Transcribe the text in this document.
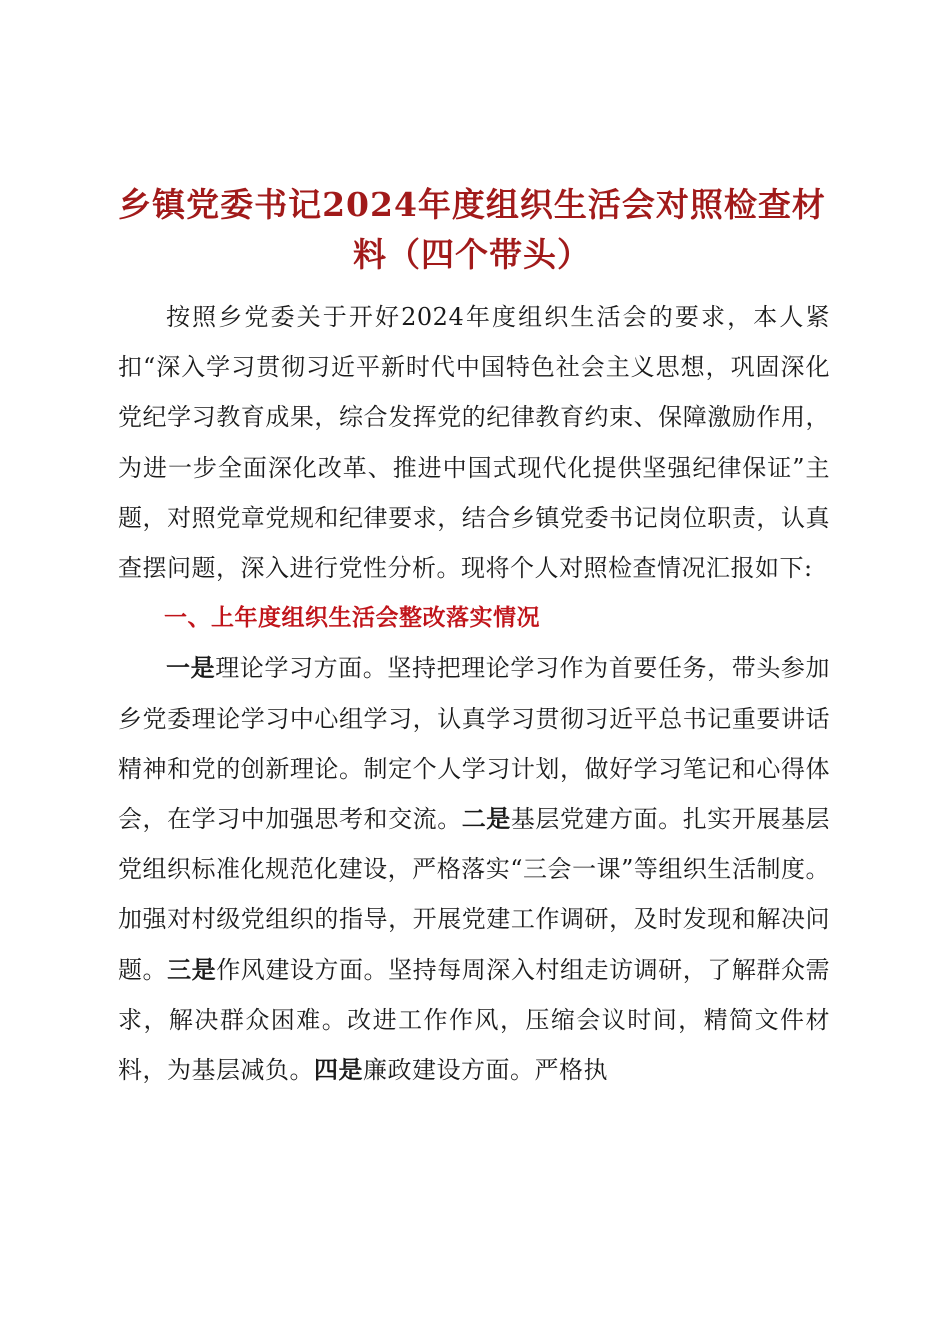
乡镇党委书记2024年度组织生活会对照检查材
料（四个带头）

按照乡党委关于开好2024年度组织生活会的要求，本人紧扣“深入学习贯彻习近平新时代中国特色社会主义思想，巩固深化党纪学习教育成果，综合发挥党的纪律教育约束、保障激励作用，为进一步全面深化改革、推进中国式现代化提供坚强纪律保证”主题，对照党章党规和纪律要求，结合乡镇党委书记岗位职责，认真查摆问题，深入进行党性分析。现将个人对照检查情况汇报如下:

一、上年度组织生活会整改落实情况

一是理论学习方面。坚持把理论学习作为首要任务，带头参加乡党委理论学习中心组学习，认真学习贯彻习近平总书记重要讲话精神和党的创新理论。制定个人学习计划，做好学习笔记和心得体会，在学习中加强思考和交流。二是基层党建方面。扎实开展基层党组织标准化规范化建设，严格落实“三会一课”等组织生活制度。加强对村级党组织的指导，开展党建工作调研，及时发现和解决问题。三是作风建设方面。坚持每周深入村组走访调研，了解群众需求，解决群众困难。改进工作作风，压缩会议时间，精简文件材料，为基层减负。四是廉政建设方面。严格执
